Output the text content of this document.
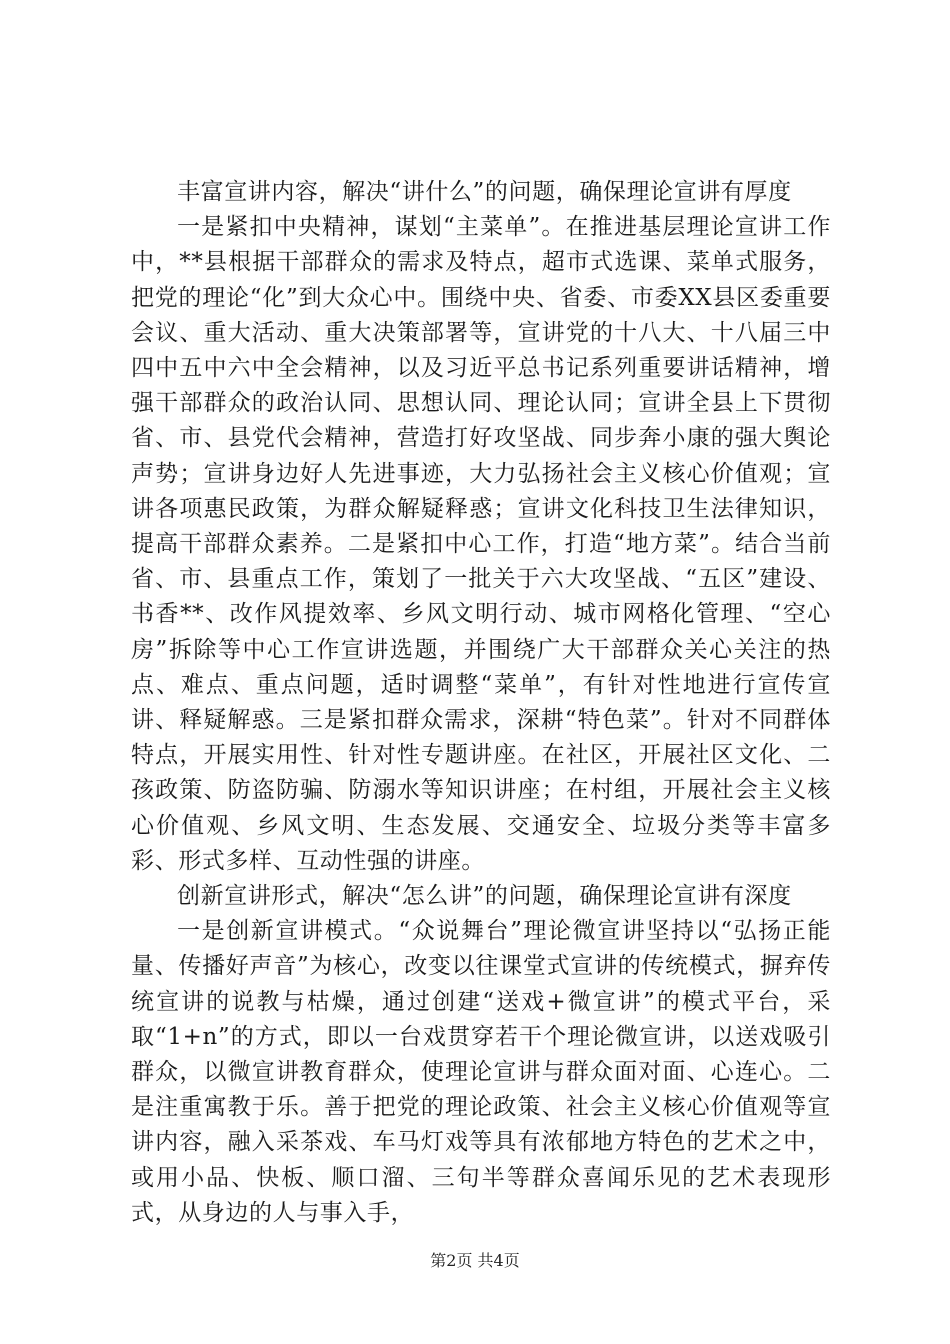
丰富宣讲内容，解决“讲什么”的问题，确保理论宣讲有厚度

一是紧扣中央精神，谋划“主菜单”。在推进基层理论宣讲工作中，**县根据干部群众的需求及特点，超市式选课、菜单式服务，把党的理论“化”到大众心中。围绕中央、省委、市委XX县区委重要会议、重大活动、重大决策部署等，宣讲党的十八大、十八届三中四中五中六中全会精神，以及习近平总书记系列重要讲话精神，增强干部群众的政治认同、思想认同、理论认同；宣讲全县上下贯彻省、市、县党代会精神，营造打好攻坚战、同步奔小康的强大舆论声势；宣讲身边好人先进事迹，大力弘扬社会主义核心价值观；宣讲各项惠民政策，为群众解疑释惑；宣讲文化科技卫生法律知识，提高干部群众素养。二是紧扣中心工作，打造“地方菜”。结合当前省、市、县重点工作，策划了一批关于六大攻坚战、“五区”建设、书香**、改作风提效率、乡风文明行动、城市网格化管理、“空心房”拆除等中心工作宣讲选题，并围绕广大干部群众关心关注的热点、难点、重点问题，适时调整“菜单”，有针对性地进行宣传宣讲、释疑解惑。三是紧扣群众需求，深耕“特色菜”。针对不同群体特点，开展实用性、针对性专题讲座。在社区，开展社区文化、二孩政策、防盗防骗、防溺水等知识讲座；在村组，开展社会主义核心价值观、乡风文明、生态发展、交通安全、垃圾分类等丰富多彩、形式多样、互动性强的讲座。

创新宣讲形式，解决“怎么讲”的问题，确保理论宣讲有深度

一是创新宣讲模式。“众说舞台”理论微宣讲坚持以“弘扬正能量、传播好声音”为核心，改变以往课堂式宣讲的传统模式，摒弃传统宣讲的说教与枯燥，通过创建“送戏+微宣讲”的模式平台，采取“1+n”的方式，即以一台戏贯穿若干个理论微宣讲，以送戏吸引群众，以微宣讲教育群众，使理论宣讲与群众面对面、心连心。二是注重寓教于乐。善于把党的理论政策、社会主义核心价值观等宣讲内容，融入采茶戏、车马灯戏等具有浓郁地方特色的艺术之中，或用小品、快板、顺口溜、三句半等群众喜闻乐见的艺术表现形式，从身边的人与事入手，

第2页 共4页
